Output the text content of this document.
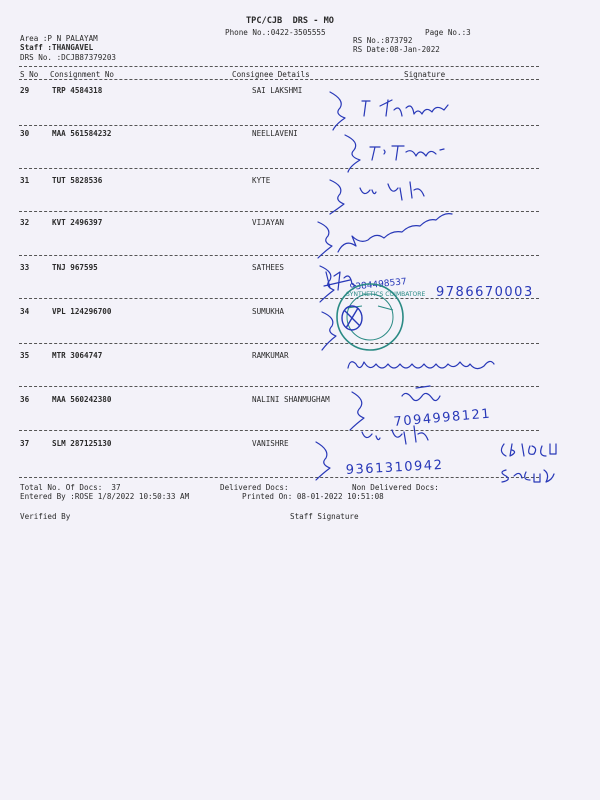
TPC/CJB  DRS - MO
Phone No.:0422-3505555	Page No.:3
Area :P N PALAYAM
Staff :THANGAVEL
DRS No. :DCJB87379203
RS No.:873792
RS Date:08-Jan-2022
S No Consignment No	Consignee Details	Signature
29	TRP 4584318	SAI LAKSHMI
30	MAA 561584232	NEELLAVENI
31	TUT 5828536	KYTE
32	KVT 2496397	VIJAYAN
33	TNJ 967595	SATHEES
34	VPL 124296700	SUMUKHA
35	MTR 3064747	RAMKUMAR
36	MAA 560242380	NALINI SHANMUGHAM
37	SLM 287125130	VANISHRE
Total No. Of Docs:  37	Delivered Docs:	Non Delivered Docs:
Entered By :ROSE 1/8/2022 10:50:33 AM	Printed On: 08-01-2022 10:51:08
Verified By	Staff Signature
9384498537 9786670003
7094998121
9361310942
SYNTHETICS COIMBATORE
